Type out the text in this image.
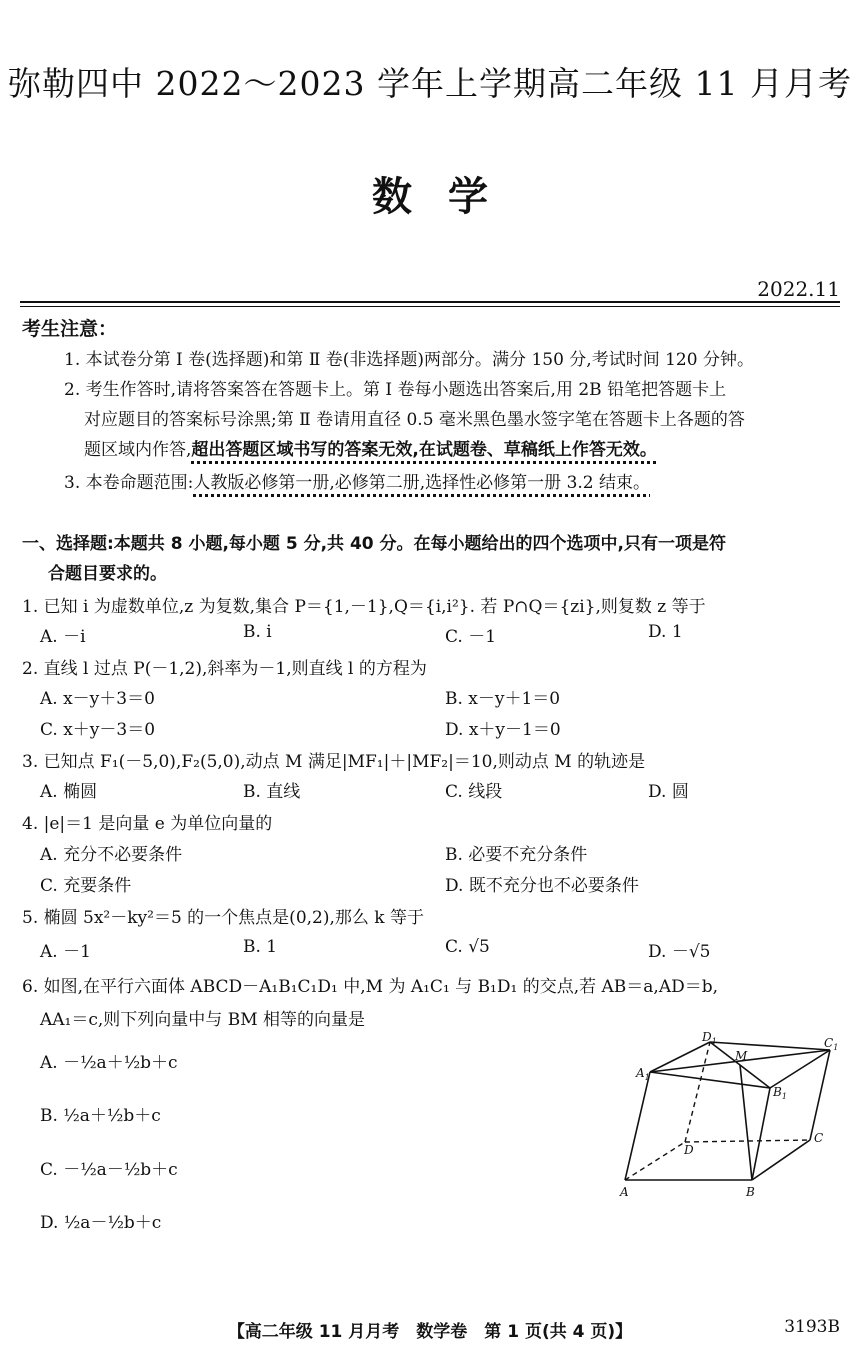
弥勒四中 2022～2023 学年上学期高二年级 11 月月考
数学
2022.11
考生注意：
1. 本试卷分第 Ⅰ 卷(选择题)和第 Ⅱ 卷(非选择题)两部分。满分 150 分,考试时间 120 分钟。
2. 考生作答时,请将答案答在答题卡上。第 Ⅰ 卷每小题选出答案后,用 2B 铅笔把答题卡上
对应题目的答案标号涂黑;第 Ⅱ 卷请用直径 0.5 毫米黑色墨水签字笔在答题卡上各题的答
题区域内作答,超出答题区域书写的答案无效,在试题卷、草稿纸上作答无效。
3. 本卷命题范围:人教版必修第一册,必修第二册,选择性必修第一册 3.2 结束。
一、选择题:本题共 8 小题,每小题 5 分,共 40 分。在每小题给出的四个选项中,只有一项是符
合题目要求的。
1. 已知 i 为虚数单位,z 为复数,集合 P＝{1,－1},Q＝{i,i²}. 若 P∩Q＝{zi},则复数 z 等于
A. －i	B. i	C. －1	D. 1
2. 直线 l 过点 P(－1,2),斜率为－1,则直线 l 的方程为
A. x－y＋3＝0	B. x－y＋1＝0
C. x＋y－3＝0	D. x＋y－1＝0
3. 已知点 F₁(－5,0),F₂(5,0),动点 M 满足|MF₁|＋|MF₂|＝10,则动点 M 的轨迹是
A. 椭圆	B. 直线	C. 线段	D. 圆
4. |e|＝1 是向量 e 为单位向量的
A. 充分不必要条件	B. 必要不充分条件
C. 充要条件	D. 既不充分也不必要条件
5. 椭圆 5x²－ky²＝5 的一个焦点是(0,2),那么 k 等于
A. －1	B. 1	C. √5	D. －√5
6. 如图,在平行六面体 ABCD－A₁B₁C₁D₁ 中,M 为 A₁C₁ 与 B₁D₁ 的交点,若 AB＝a,AD＝b,
AA₁＝c,则下列向量中与 BM 相等的向量是
A. －½a＋½b＋c
B. ½a＋½b＋c
C. －½a－½b＋c
D. ½a－½b＋c
$D_1$	$C_1$
M
$A_1$
$B_1$
D
C
A	B
【高二年级 11 月月考　数学卷　第 1 页(共 4 页)】	3193B
